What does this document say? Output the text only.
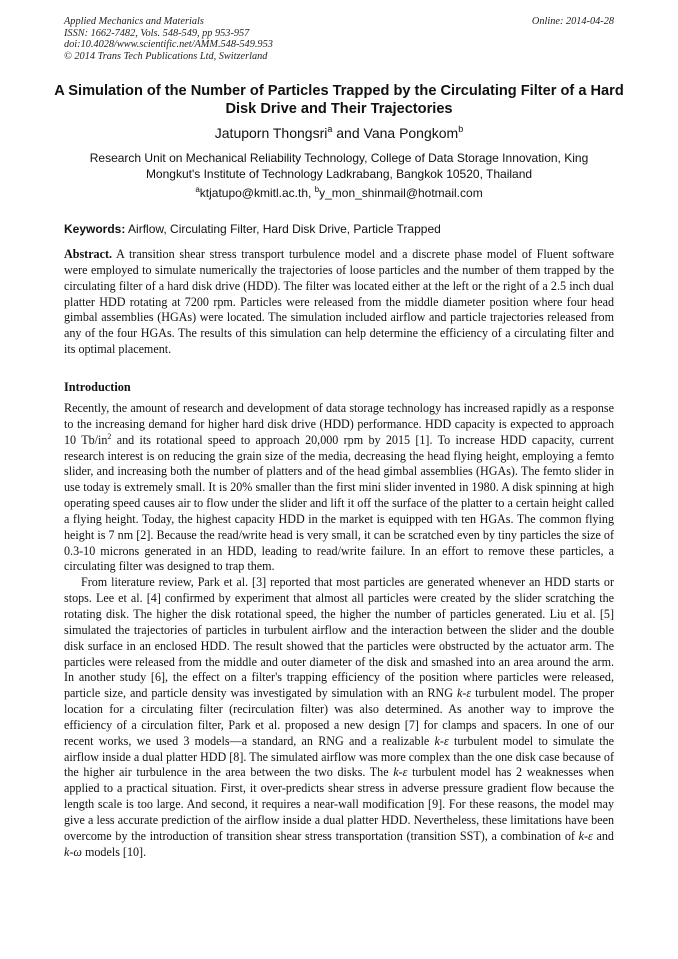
Applied Mechanics and Materials
ISSN: 1662-7482, Vols. 548-549, pp 953-957
doi:10.4028/www.scientific.net/AMM.548-549.953
© 2014 Trans Tech Publications Ltd, Switzerland
Online: 2014-04-28
A Simulation of the Number of Particles Trapped by the Circulating Filter of a Hard Disk Drive and Their Trajectories
Jatuporn Thongsri$^a$ and Vana Pongkom$^b$
Research Unit on Mechanical Reliability Technology, College of Data Storage Innovation, King Mongkut's Institute of Technology Ladkrabang, Bangkok 10520, Thailand
$^a$ktjatupo@kmitl.ac.th, $^b$y_mon_shinmail@hotmail.com
Keywords: Airflow, Circulating Filter, Hard Disk Drive, Particle Trapped
Abstract. A transition shear stress transport turbulence model and a discrete phase model of Fluent software were employed to simulate numerically the trajectories of loose particles and the number of them trapped by the circulating filter of a hard disk drive (HDD). The filter was located either at the left or the right of a 2.5 inch dual platter HDD rotating at 7200 rpm. Particles were released from the middle diameter position where four head gimbal assemblies (HGAs) were located. The simulation included airflow and particle trajectories released from any of the four HGAs. The results of this simulation can help determine the efficiency of a circulating filter and its optimal placement.
Introduction

Recently, the amount of research and development of data storage technology has increased rapidly as a response to the increasing demand for higher hard disk drive (HDD) performance. HDD capacity is expected to approach 10 $Tb/in^2$ and its rotational speed to approach 20,000 rpm by 2015 [1]. To increase HDD capacity, current research interest is on reducing the grain size of the media, decreasing the head flying height, employing a femto slider, and increasing both the number of platters and of the head gimbal assemblies (HGAs). The femto slider in use today is extremely small. It is 20% smaller than the first mini slider invented in 1980. A disk spinning at high operating speed causes air to flow under the slider and lift it off the surface of the platter to a certain height called a flying height. Today, the highest capacity HDD in the market is equipped with ten HGAs. The common flying height is 7 nm [2]. Because the read/write head is very small, it can be scratched even by tiny particles the size of 0.3-10 microns generated in an HDD, leading to read/write failure. In an effort to remove these particles, a circulating filter was designed to trap them.

From literature review, Park et al. [3] reported that most particles are generated whenever an HDD starts or stops. Lee et al. [4] confirmed by experiment that almost all particles were created by the slider scratching the rotating disk. The higher the disk rotational speed, the higher the number of particles generated. Liu et al. [5] simulated the trajectories of particles in turbulent airflow and the interaction between the slider and the double disk surface in an enclosed HDD. The result showed that the particles were obstructed by the actuator arm. The particles were released from the middle and outer diameter of the disk and smashed into an area around the arm. In another study [6], the effect on a filter's trapping efficiency of the position where particles were released, particle size, and particle density was investigated by simulation with an RNG k-ε turbulent model. The proper location for a circulating filter (recirculation filter) was also determined. As another way to improve the efficiency of a circulation filter, Park et al. proposed a new design [7] for clamps and spacers. In one of our recent works, we used 3 models—a standard, an RNG and a realizable k-ε turbulent model to simulate the airflow inside a dual platter HDD [8]. The simulated airflow was more complex than the one disk case because of the higher air turbulence in the area between the two disks. The k-ε turbulent model has 2 weaknesses when applied to a practical situation. First, it over-predicts shear stress in adverse pressure gradient flow because the length scale is too large. And second, it requires a near-wall modification [9]. For these reasons, the model may give a less accurate prediction of the airflow inside a dual platter HDD. Nevertheless, these limitations have been overcome by the introduction of transition shear stress transportation (transition SST), a combination of k-ε and k-ω models [10].
